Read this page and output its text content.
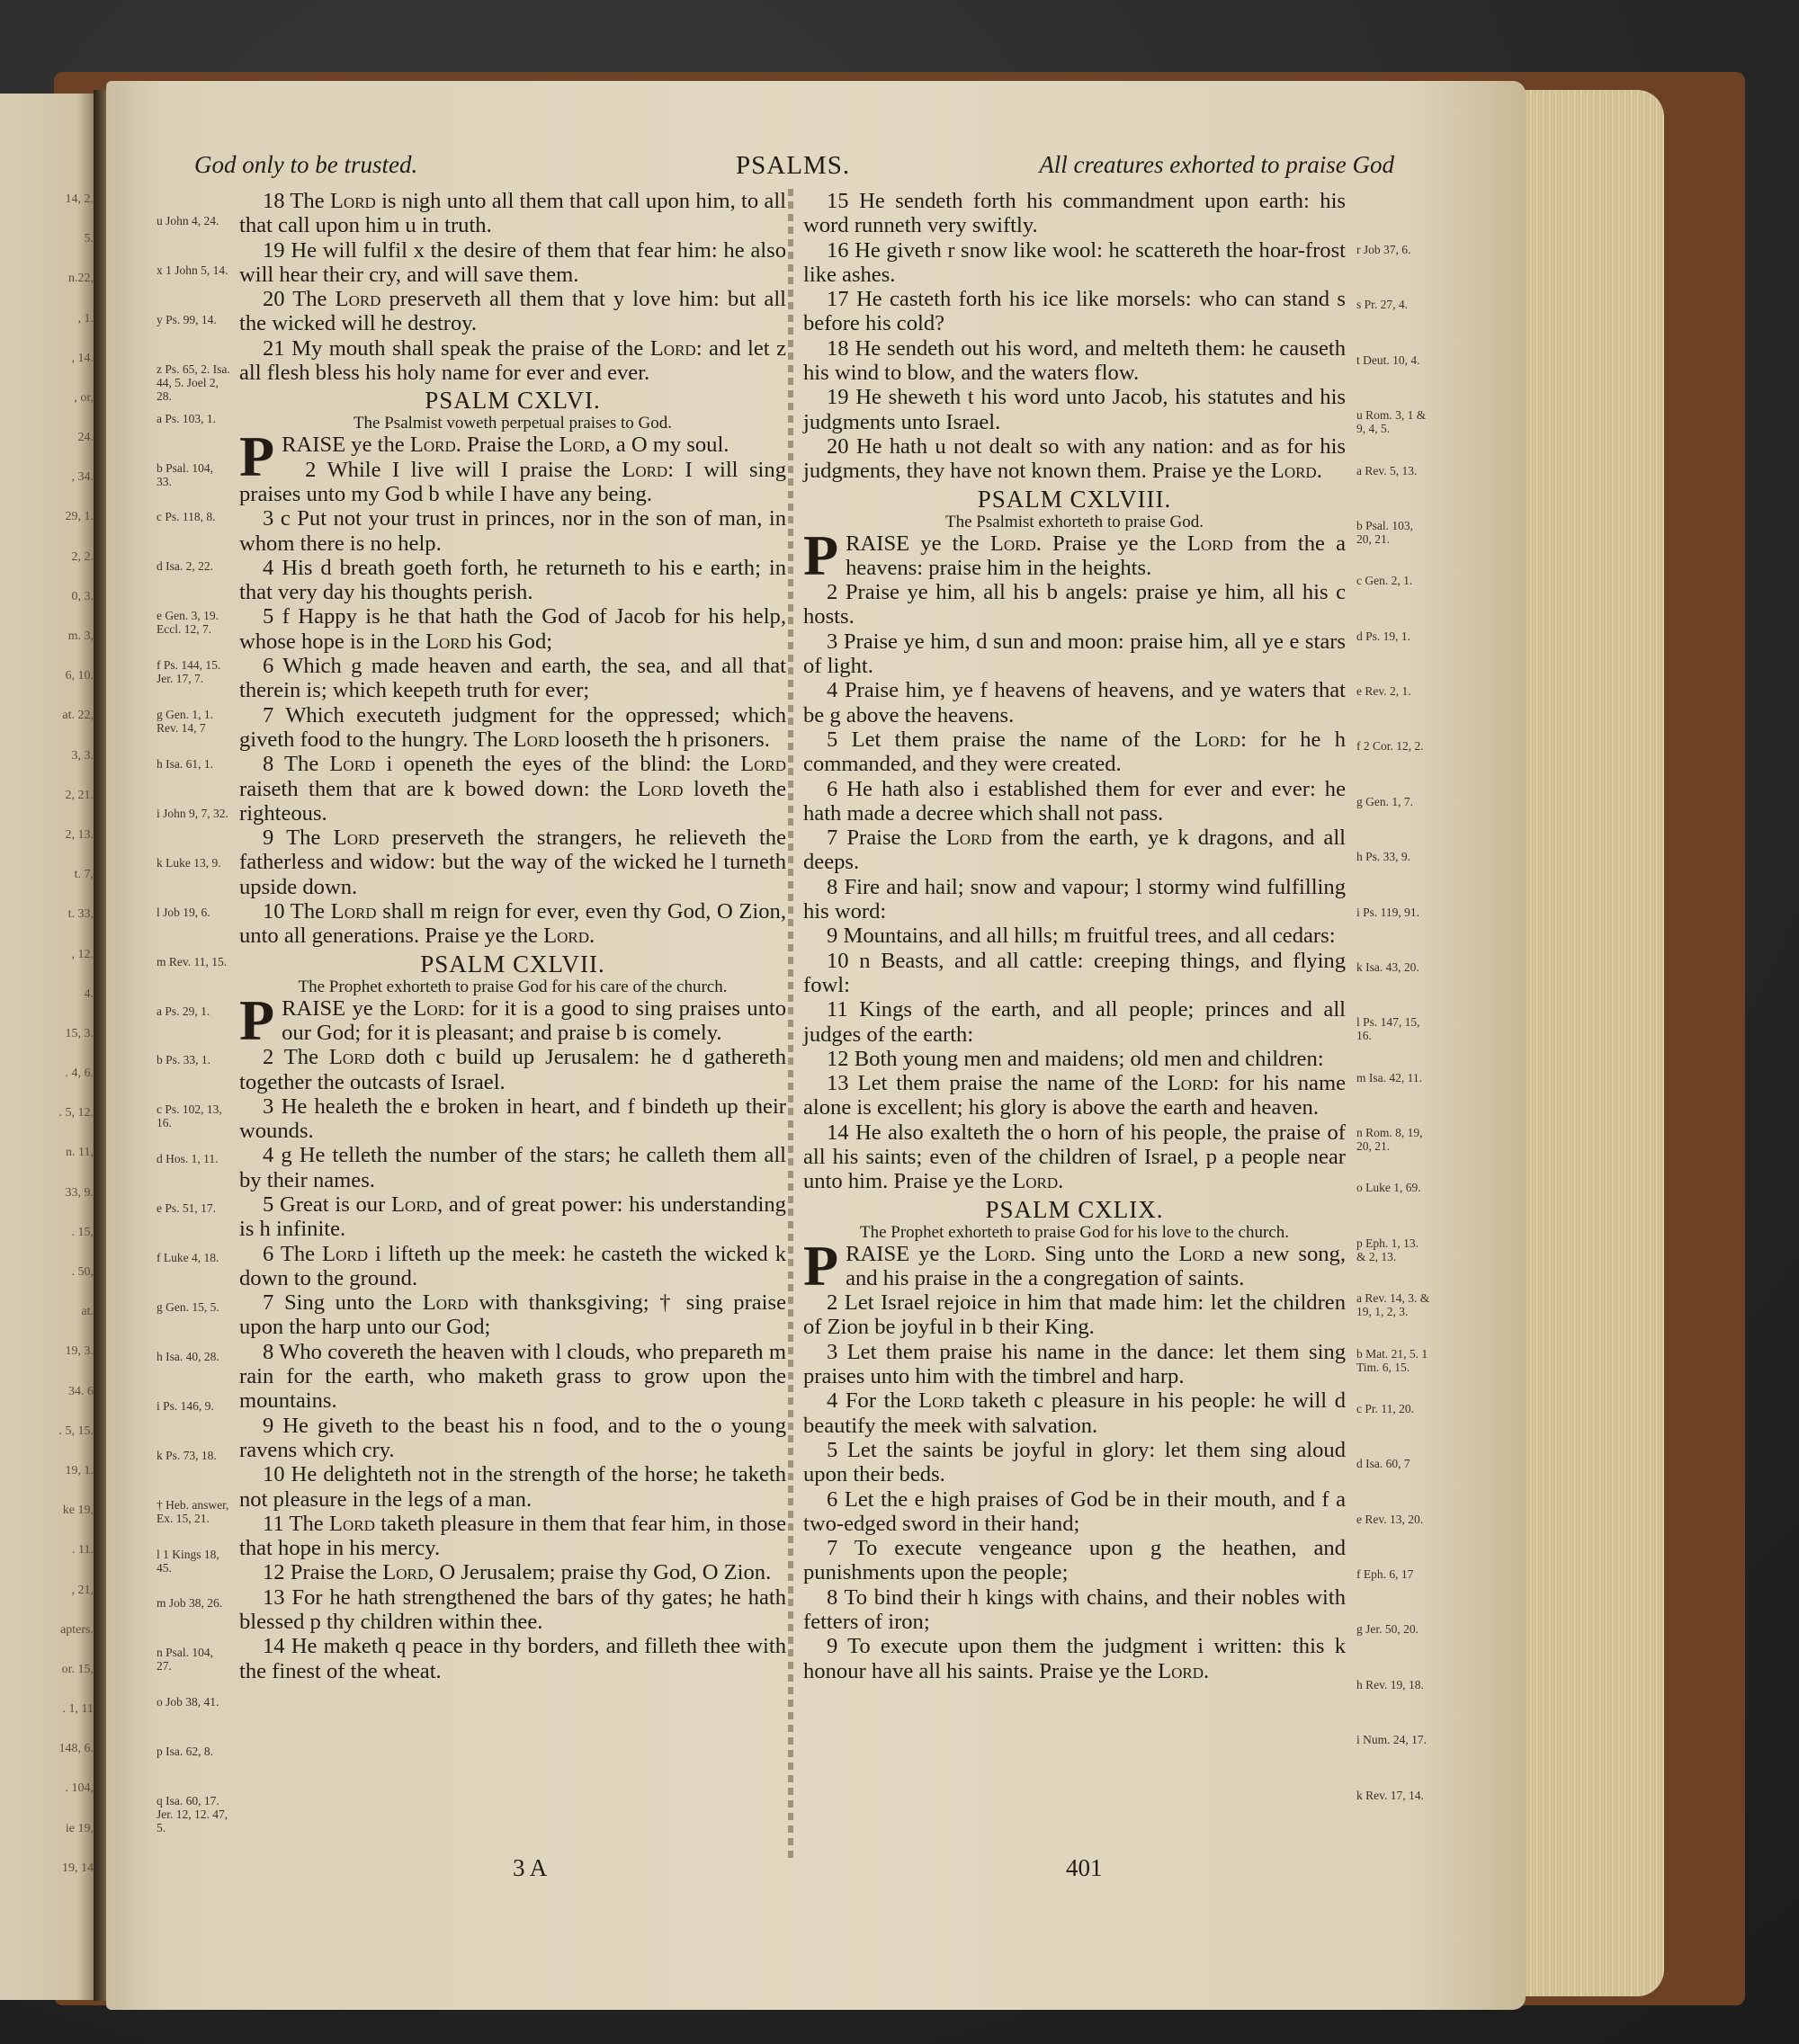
14, 2.
5.
n.22,
, 1.
, 14.
, or,
24.
, 34.
29, 1.
2, 2.
0, 3.
m. 3,
6, 10.
at. 22,
3, 3.
2, 21.
2, 13.
t. 7,
t. 33,
, 12.
4.
15, 3.
. 4, 6.
. 5, 12.
n. 11,
33, 9.
. 15,
. 50,
at.
19, 3.
34. 6
. 5, 15.
19, 1.
ke 19,
. 11.
, 21,
apters.
or. 15,
. 1, 11
148, 6.
. 104,
ie 19,
19, 14
God only to be trusted.	PSALMS.	All creatures exhorted to praise God

18 The Lord is nigh unto all them that call upon him, to all that call upon him u in truth.

19 He will fulfil x the desire of them that fear him: he also will hear their cry, and will save them.

20 The Lord preserveth all them that y love him: but all the wicked will he destroy.

21 My mouth shall speak the praise of the Lord: and let z all flesh bless his holy name for ever and ever.

PSALM CXLVI.

The Psalmist voweth perpetual praises to God.

PRAISE ye the Lord. Praise the Lord, a O my soul.

2 While I live will I praise the Lord: I will sing praises unto my God b while I have any being.

3 c Put not your trust in princes, nor in the son of man, in whom there is no help.

4 His d breath goeth forth, he returneth to his e earth; in that very day his thoughts perish.

5 f Happy is he that hath the God of Jacob for his help, whose hope is in the Lord his God;

6 Which g made heaven and earth, the sea, and all that therein is; which keepeth truth for ever;

7 Which executeth judgment for the oppressed; which giveth food to the hungry. The Lord looseth the h prisoners.

8 The Lord i openeth the eyes of the blind: the Lord raiseth them that are k bowed down: the Lord loveth the righteous.

9 The Lord preserveth the strangers, he relieveth the fatherless and widow: but the way of the wicked he l turneth upside down.

10 The Lord shall m reign for ever, even thy God, O Zion, unto all generations. Praise ye the Lord.

PSALM CXLVII.

The Prophet exhorteth to praise God for his care of the church.

PRAISE ye the Lord: for it is a good to sing praises unto our God; for it is pleasant; and praise b is comely.

2 The Lord doth c build up Jerusalem: he d gathereth together the outcasts of Israel.

3 He healeth the e broken in heart, and f bindeth up their wounds.

4 g He telleth the number of the stars; he calleth them all by their names.

5 Great is our Lord, and of great power: his understanding is h infinite.

6 The Lord i lifteth up the meek: he casteth the wicked k down to the ground.

7 Sing unto the Lord with thanksgiving; † sing praise upon the harp unto our God;

8 Who covereth the heaven with l clouds, who prepareth m rain for the earth, who maketh grass to grow upon the mountains.

9 He giveth to the beast his n food, and to the o young ravens which cry.

10 He delighteth not in the strength of the horse; he taketh not pleasure in the legs of a man.

11 The Lord taketh pleasure in them that fear him, in those that hope in his mercy.

12 Praise the Lord, O Jerusalem; praise thy God, O Zion.

13 For he hath strengthened the bars of thy gates; he hath blessed p thy children within thee.

14 He maketh q peace in thy borders, and filleth thee with the finest of the wheat.

15 He sendeth forth his commandment upon earth: his word runneth very swiftly.

16 He giveth r snow like wool: he scattereth the hoar-frost like ashes.

17 He casteth forth his ice like morsels: who can stand s before his cold?

18 He sendeth out his word, and melteth them: he causeth his wind to blow, and the waters flow.

19 He sheweth t his word unto Jacob, his statutes and his judgments unto Israel.

20 He hath u not dealt so with any nation: and as for his judgments, they have not known them. Praise ye the Lord.

PSALM CXLVIII.

The Psalmist exhorteth to praise God.

PRAISE ye the Lord. Praise ye the Lord from the a heavens: praise him in the heights.

2 Praise ye him, all his b angels: praise ye him, all his c hosts.

3 Praise ye him, d sun and moon: praise him, all ye e stars of light.

4 Praise him, ye f heavens of heavens, and ye waters that be g above the heavens.

5 Let them praise the name of the Lord: for he h commanded, and they were created.

6 He hath also i established them for ever and ever: he hath made a decree which shall not pass.

7 Praise the Lord from the earth, ye k dragons, and all deeps.

8 Fire and hail; snow and vapour; l stormy wind fulfilling his word:

9 Mountains, and all hills; m fruitful trees, and all cedars:

10 n Beasts, and all cattle: creeping things, and flying fowl:

11 Kings of the earth, and all people; princes and all judges of the earth:

12 Both young men and maidens; old men and children:

13 Let them praise the name of the Lord: for his name alone is excellent; his glory is above the earth and heaven.

14 He also exalteth the o horn of his people, the praise of all his saints; even of the children of Israel, p a people near unto him. Praise ye the Lord.

PSALM CXLIX.

The Prophet exhorteth to praise God for his love to the church.

PRAISE ye the Lord. Sing unto the Lord a new song, and his praise in the a congregation of saints.

2 Let Israel rejoice in him that made him: let the children of Zion be joyful in b their King.

3 Let them praise his name in the dance: let them sing praises unto him with the timbrel and harp.

4 For the Lord taketh c pleasure in his people: he will d beautify the meek with salvation.

5 Let the saints be joyful in glory: let them sing aloud upon their beds.

6 Let the e high praises of God be in their mouth, and f a two-edged sword in their hand;

7 To execute vengeance upon g the heathen, and punishments upon the people;

8 To bind their h kings with chains, and their nobles with fetters of iron;

9 To execute upon them the judgment i written: this k honour have all his saints. Praise ye the Lord.

3 A	401
u John 4, 24.
x 1 John 5, 14.
y Ps. 99, 14.
z Ps. 65, 2. Isa. 44, 5. Joel 2, 28.
a Ps. 103, 1.
b Psal. 104, 33.
c Ps. 118, 8.
d Isa. 2, 22.
e Gen. 3, 19. Eccl. 12, 7.
f Ps. 144, 15. Jer. 17, 7.
g Gen. 1, 1. Rev. 14, 7
h Isa. 61, 1.
i John 9, 7, 32.
k Luke 13, 9.
l Job 19, 6.
m Rev. 11, 15.
a Ps. 29, 1.
b Ps. 33, 1.
c Ps. 102, 13, 16.
d Hos. 1, 11.
e Ps. 51, 17.
f Luke 4, 18.
g Gen. 15, 5.
h Isa. 40, 28.
i Ps. 146, 9.
k Ps. 73, 18.
† Heb. answer, Ex. 15, 21.
l 1 Kings 18, 45.
m Job 38, 26.
n Psal. 104, 27.
o Job 38, 41.
p Isa. 62, 8.
q Isa. 60, 17. Jer. 12, 12. 47, 5.
r Job 37, 6.
s Pr. 27, 4.
t Deut. 10, 4.
u Rom. 3, 1 & 9, 4, 5.
a Rev. 5, 13.
b Psal. 103, 20, 21.
c Gen. 2, 1.
d Ps. 19, 1.
e Rev. 2, 1.
f 2 Cor. 12, 2.
g Gen. 1, 7.
h Ps. 33, 9.
i Ps. 119, 91.
k Isa. 43, 20.
l Ps. 147, 15, 16.
m Isa. 42, 11.
n Rom. 8, 19, 20, 21.
o Luke 1, 69.
p Eph. 1, 13. & 2, 13.
a Rev. 14, 3. & 19, 1, 2, 3.
b Mat. 21, 5. 1 Tim. 6, 15.
c Pr. 11, 20.
d Isa. 60, 7
e Rev. 13, 20.
f Eph. 6, 17
g Jer. 50, 20.
h Rev. 19, 18.
i Num. 24, 17.
k Rev. 17, 14.
